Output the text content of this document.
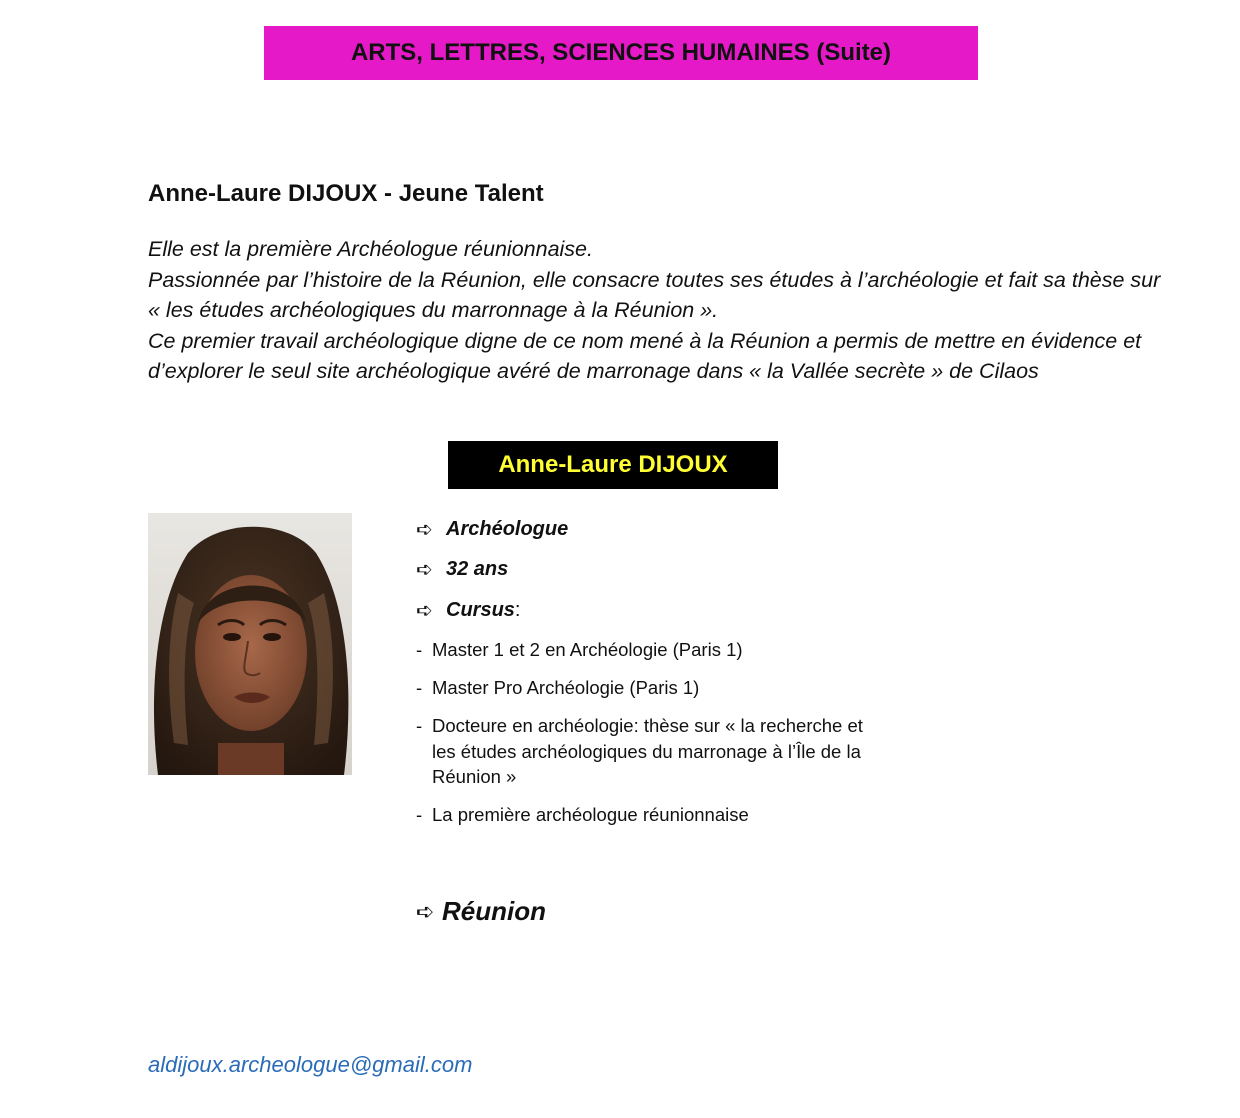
ARTS, LETTRES, SCIENCES HUMAINES (Suite)
Anne-Laure DIJOUX - Jeune Talent

Elle est la première Archéologue réunionnaise.

Passionnée par l’histoire de la Réunion, elle consacre toutes ses études à l’archéologie et fait sa thèse sur « les études archéologiques du marronnage à la Réunion ».

Ce premier travail archéologique digne de ce nom mené à la Réunion a permis de mettre en évidence et d’explorer le seul site archéologique avéré de marronage dans « la Vallée secrète » de Cilaos

Anne-Laure DIJOUX
➪ Archéologue
➪ 32 ans
➪ Cursus :
- Master 1 et 2 en Archéologie (Paris 1)
- Master Pro Archéologie (Paris 1)
- Docteure en archéologie: thèse sur « la recherche et les études archéologiques du marronage à l’Île de la Réunion »
- La première archéologue réunionnaise
➪ Réunion
aldijoux.archeologue@gmail.com
